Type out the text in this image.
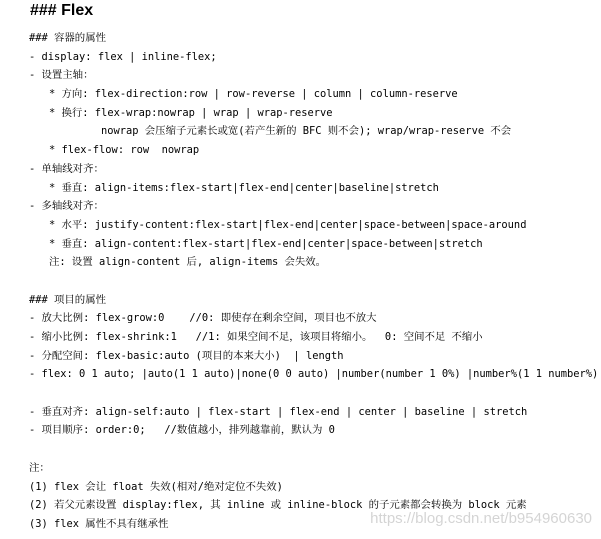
### Flex
### 容器的属性
- display: flex | inline-flex;
- 设置主轴：
* 方向: flex-direction:row | row-reverse | column | column-reserve
* 换行: flex-wrap:nowrap | wrap | wrap-reserve
nowrap 会压缩子元素长或宽(若产生新的 BFC 则不会); wrap/wrap-reserve 不会
* flex-flow: row  nowrap
- 单轴线对齐：
* 垂直: align-items:flex-start|flex-end|center|baseline|stretch
- 多轴线对齐：
* 水平: justify-content:flex-start|flex-end|center|space-between|space-around
* 垂直: align-content:flex-start|flex-end|center|space-between|stretch
注: 设置 align-content 后, align-items 会失效。
### 项目的属性
- 放大比例: flex-grow:0    //0: 即使存在剩余空间，项目也不放大
- 缩小比例: flex-shrink:1   //1: 如果空间不足，该项目将缩小。  0: 空间不足 不缩小
- 分配空间: flex-basic:auto (项目的本来大小)  | length
- flex: 0 1 auto; |auto(1 1 auto)|none(0 0 auto) |number(number 1 0%) |number%(1 1 number%)
- 垂直对齐: align-self:auto | flex-start | flex-end | center | baseline | stretch
- 项目顺序: order:0;   //数值越小，排列越靠前，默认为 0
注：
(1) flex 会让 float 失效(相对/绝对定位不失效)
(2) 若父元素设置 display:flex, 其 inline 或 inline-block 的子元素都会转换为 block 元素
(3) flex 属性不具有继承性	https://blog.csdn.net/b954960630
